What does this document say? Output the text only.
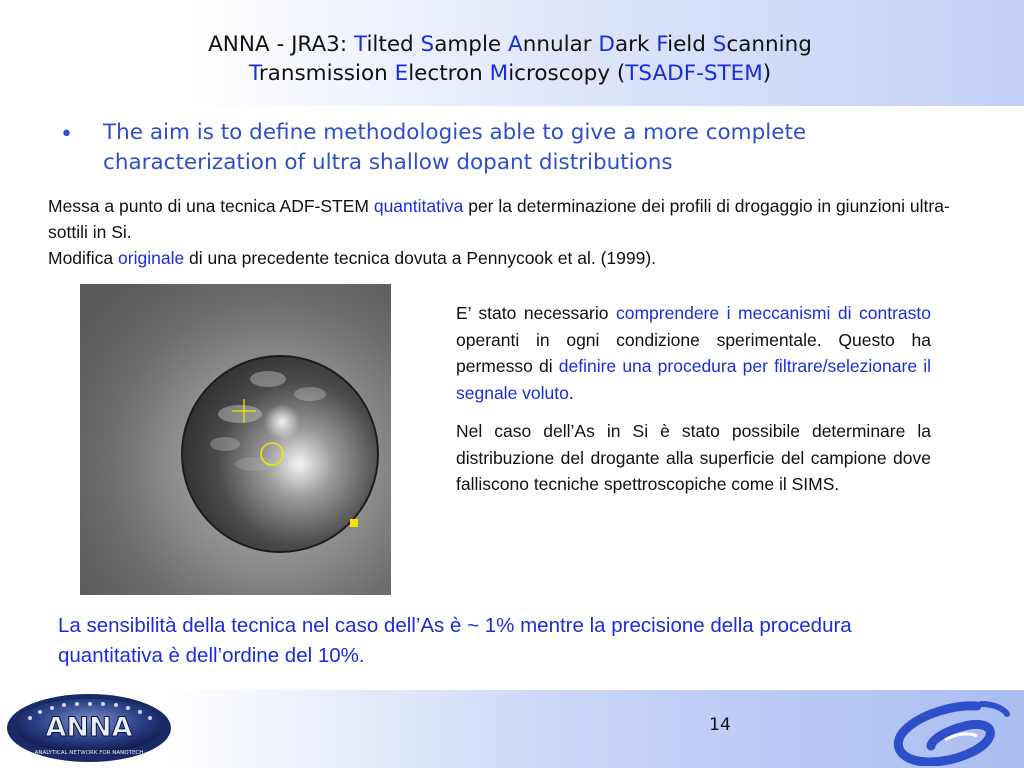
ANNA - JRA3: Tilted Sample Annular Dark Field Scanning
Transmission Electron Microscopy (TSADF-STEM)
• The aim is to define methodologies able to give a more complete characterization of ultra shallow dopant distributions

Messa a punto di una tecnica ADF-STEM quantitativa per la determinazione dei profili di drogaggio in giunzioni ultra-sottili in Si.

Modifica originale di una precedente tecnica dovuta a Pennycook et al. (1999).

E’ stato necessario comprendere i meccanismi di contrasto operanti in ogni condizione sperimentale. Questo ha permesso di definire una procedura per filtrare/selezionare il segnale voluto.

Nel caso dell’As in Si è stato possibile determinare la distribuzione del drogante alla superficie del campione dove falliscono tecniche spettroscopiche come il SIMS.

La sensibilità della tecnica nel caso dell’As è ~ 1% mentre la precisione della procedura quantitativa è dell’ordine del 10%.
ANNA
ANALYTICAL NETWORK FOR NANOTECH
14
